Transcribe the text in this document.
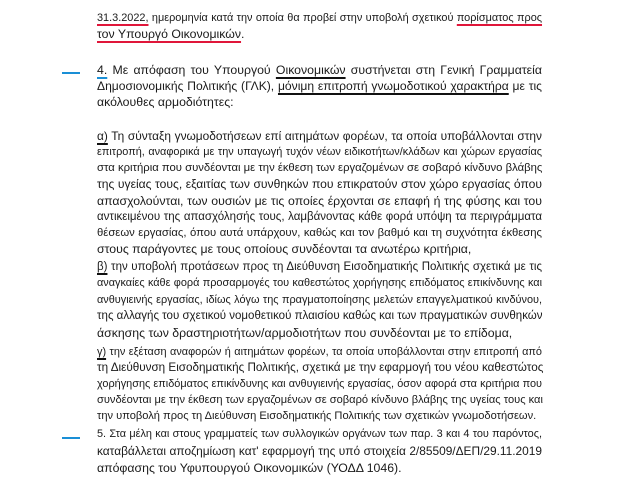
31.3.2022, ημερομηνία κατά την οποία θα προβεί στην υποβολή σχετικού πορίσματος προς
τον Υπουργό Οικονομικών.
4. Με απόφαση του Υπουργού Οικονομικών συστήνεται στη Γενική Γραμματεία
Δημοσιονομικής Πολιτικής (ΓΛΚ), μόνιμη επιτροπή γνωμοδοτικού χαρακτήρα με τις
ακόλουθες αρμοδιότητες:
α) Τη σύνταξη γνωμοδοτήσεων επί αιτημάτων φορέων, τα οποία υποβάλλονται στην
επιτροπή, αναφορικά με την υπαγωγή τυχόν νέων ειδικοτήτων/κλάδων και χώρων εργασίας
στα κριτήρια που συνδέονται με την έκθεση των εργαζομένων σε σοβαρό κίνδυνο βλάβης
της υγείας τους, εξαιτίας των συνθηκών που επικρατούν στον χώρο εργασίας όπου
απασχολούνται, των ουσιών με τις οποίες έρχονται σε επαφή ή της φύσης και του
αντικειμένου της απασχόλησής τους, λαμβάνοντας κάθε φορά υπόψη τα περιγράμματα
θέσεων εργασίας, όπου αυτά υπάρχουν, καθώς και τον βαθμό και τη συχνότητα έκθεσης
στους παράγοντες με τους οποίους συνδέονται τα ανωτέρω κριτήρια,
β) την υποβολή προτάσεων προς τη Διεύθυνση Εισοδηματικής Πολιτικής σχετικά με τις
αναγκαίες κάθε φορά προσαρμογές του καθεστώτος χορήγησης επιδόματος επικίνδυνης και
ανθυγιεινής εργασίας, ιδίως λόγω της πραγματοποίησης μελετών επαγγελματικού κινδύνου,
της αλλαγής του σχετικού νομοθετικού πλαισίου καθώς και των πραγματικών συνθηκών
άσκησης των δραστηριοτήτων/αρμοδιοτήτων που συνδέονται με το επίδομα,
γ) την εξέταση αναφορών ή αιτημάτων φορέων, τα οποία υποβάλλονται στην επιτροπή από
τη Διεύθυνση Εισοδηματικής Πολιτικής, σχετικά με την εφαρμογή του νέου καθεστώτος
χορήγησης επιδόματος επικίνδυνης και ανθυγιεινής εργασίας, όσον αφορά στα κριτήρια που
συνδέονται με την έκθεση των εργαζομένων σε σοβαρό κίνδυνο βλάβης της υγείας τους και
την υποβολή προς τη Διεύθυνση Εισοδηματικής Πολιτικής των σχετικών γνωμοδοτήσεων.
5. Στα μέλη και στους γραμματείς των συλλογικών οργάνων των παρ. 3 και 4 του παρόντος,
καταβάλλεται αποζημίωση κατ' εφαρμογή της υπό στοιχεία 2/85509/ΔΕΠ/29.11.2019
απόφασης του Υφυπουργού Οικονομικών (ΥΟΔΔ 1046).
